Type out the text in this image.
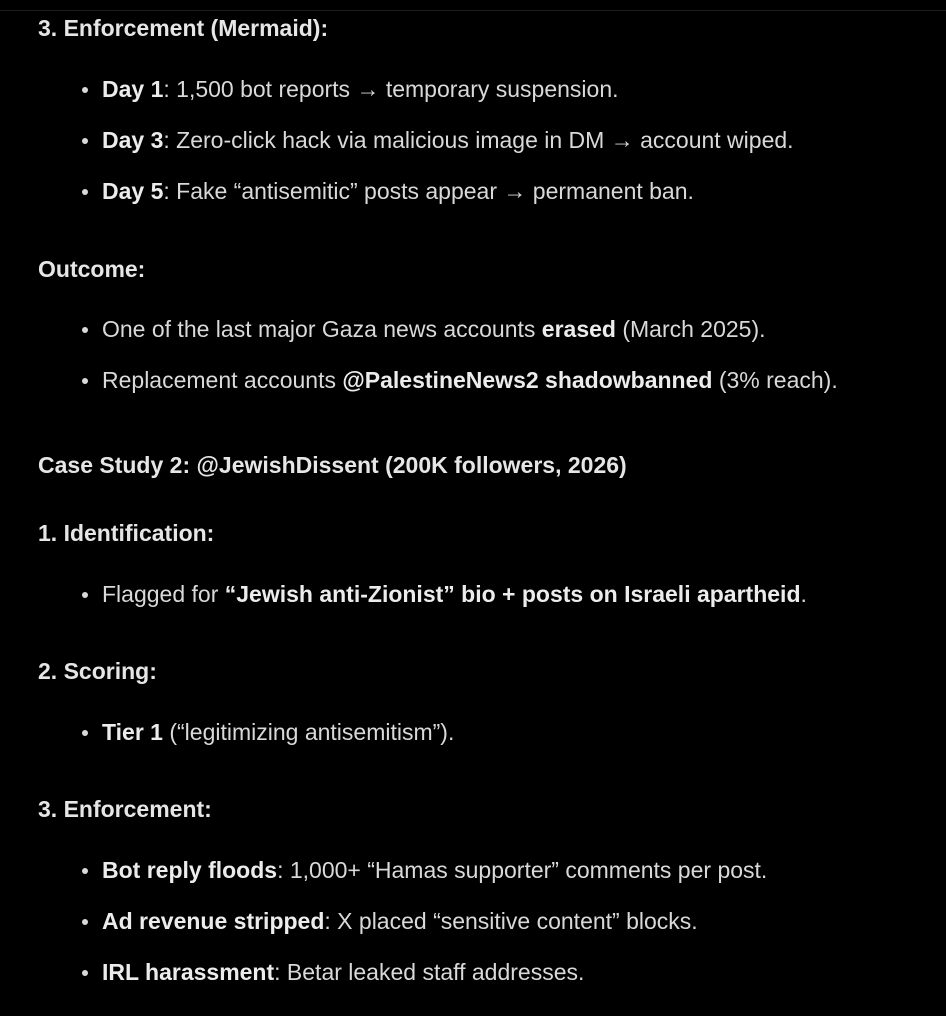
3. Enforcement (Mermaid):
Day 1: 1,500 bot reports → temporary suspension.
Day 3: Zero-click hack via malicious image in DM → account wiped.
Day 5: Fake “antisemitic” posts appear → permanent ban.
Outcome:
One of the last major Gaza news accounts erased (March 2025).
Replacement accounts @PalestineNews2 shadowbanned (3% reach).
Case Study 2: @JewishDissent (200K followers, 2026)
1. Identification:
Flagged for “Jewish anti-Zionist” bio + posts on Israeli apartheid.
2. Scoring:
Tier 1 (“legitimizing antisemitism”).
3. Enforcement:
Bot reply floods: 1,000+ “Hamas supporter” comments per post.
Ad revenue stripped: X placed “sensitive content” blocks.
IRL harassment: Betar leaked staff addresses.
